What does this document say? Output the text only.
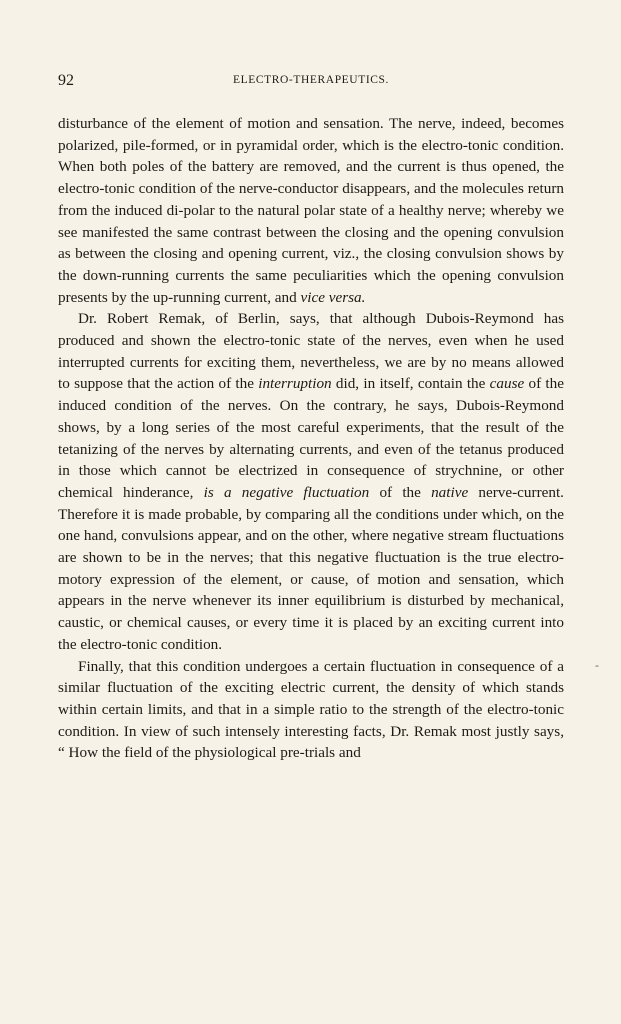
92	ELECTRO-THERAPEUTICS.

disturbance of the element of motion and sensation. The nerve, indeed, becomes polarized, pile-formed, or in pyramidal order, which is the electro-tonic condition. When both poles of the battery are removed, and the current is thus opened, the electro-tonic condition of the nerve-conductor disappears, and the molecules return from the induced di-polar to the natural polar state of a healthy nerve; whereby we see manifested the same contrast between the closing and the opening convulsion as between the closing and opening current, viz., the closing convulsion shows by the down-running currents the same peculiarities which the opening convulsion presents by the up-running current, and vice versa.

Dr. Robert Remak, of Berlin, says, that although Dubois-Reymond has produced and shown the electro-tonic state of the nerves, even when he used interrupted currents for exciting them, nevertheless, we are by no means allowed to suppose that the action of the interruption did, in itself, contain the cause of the induced condition of the nerves. On the contrary, he says, Dubois-Reymond shows, by a long series of the most careful experiments, that the result of the tetanizing of the nerves by alternating currents, and even of the tetanus produced in those which cannot be electrized in consequence of strychnine, or other chemical hinderance, is a negative fluctuation of the native nerve-current. Therefore it is made probable, by comparing all the conditions under which, on the one hand, convulsions appear, and on the other, where negative stream fluctuations are shown to be in the nerves; that this negative fluctuation is the true electro-motory expression of the element, or cause, of motion and sensation, which appears in the nerve whenever its inner equilibrium is disturbed by mechanical, caustic, or chemical causes, or every time it is placed by an exciting current into the electro-tonic condition.

Finally, that this condition undergoes a certain fluctuation in consequence of a similar fluctuation of the exciting electric current, the density of which stands within certain limits, and that in a simple ratio to the strength of the electro-tonic condition. In view of such intensely interesting facts, Dr. Remak most justly says, “ How the field of the physiological pre-trials and

‐
